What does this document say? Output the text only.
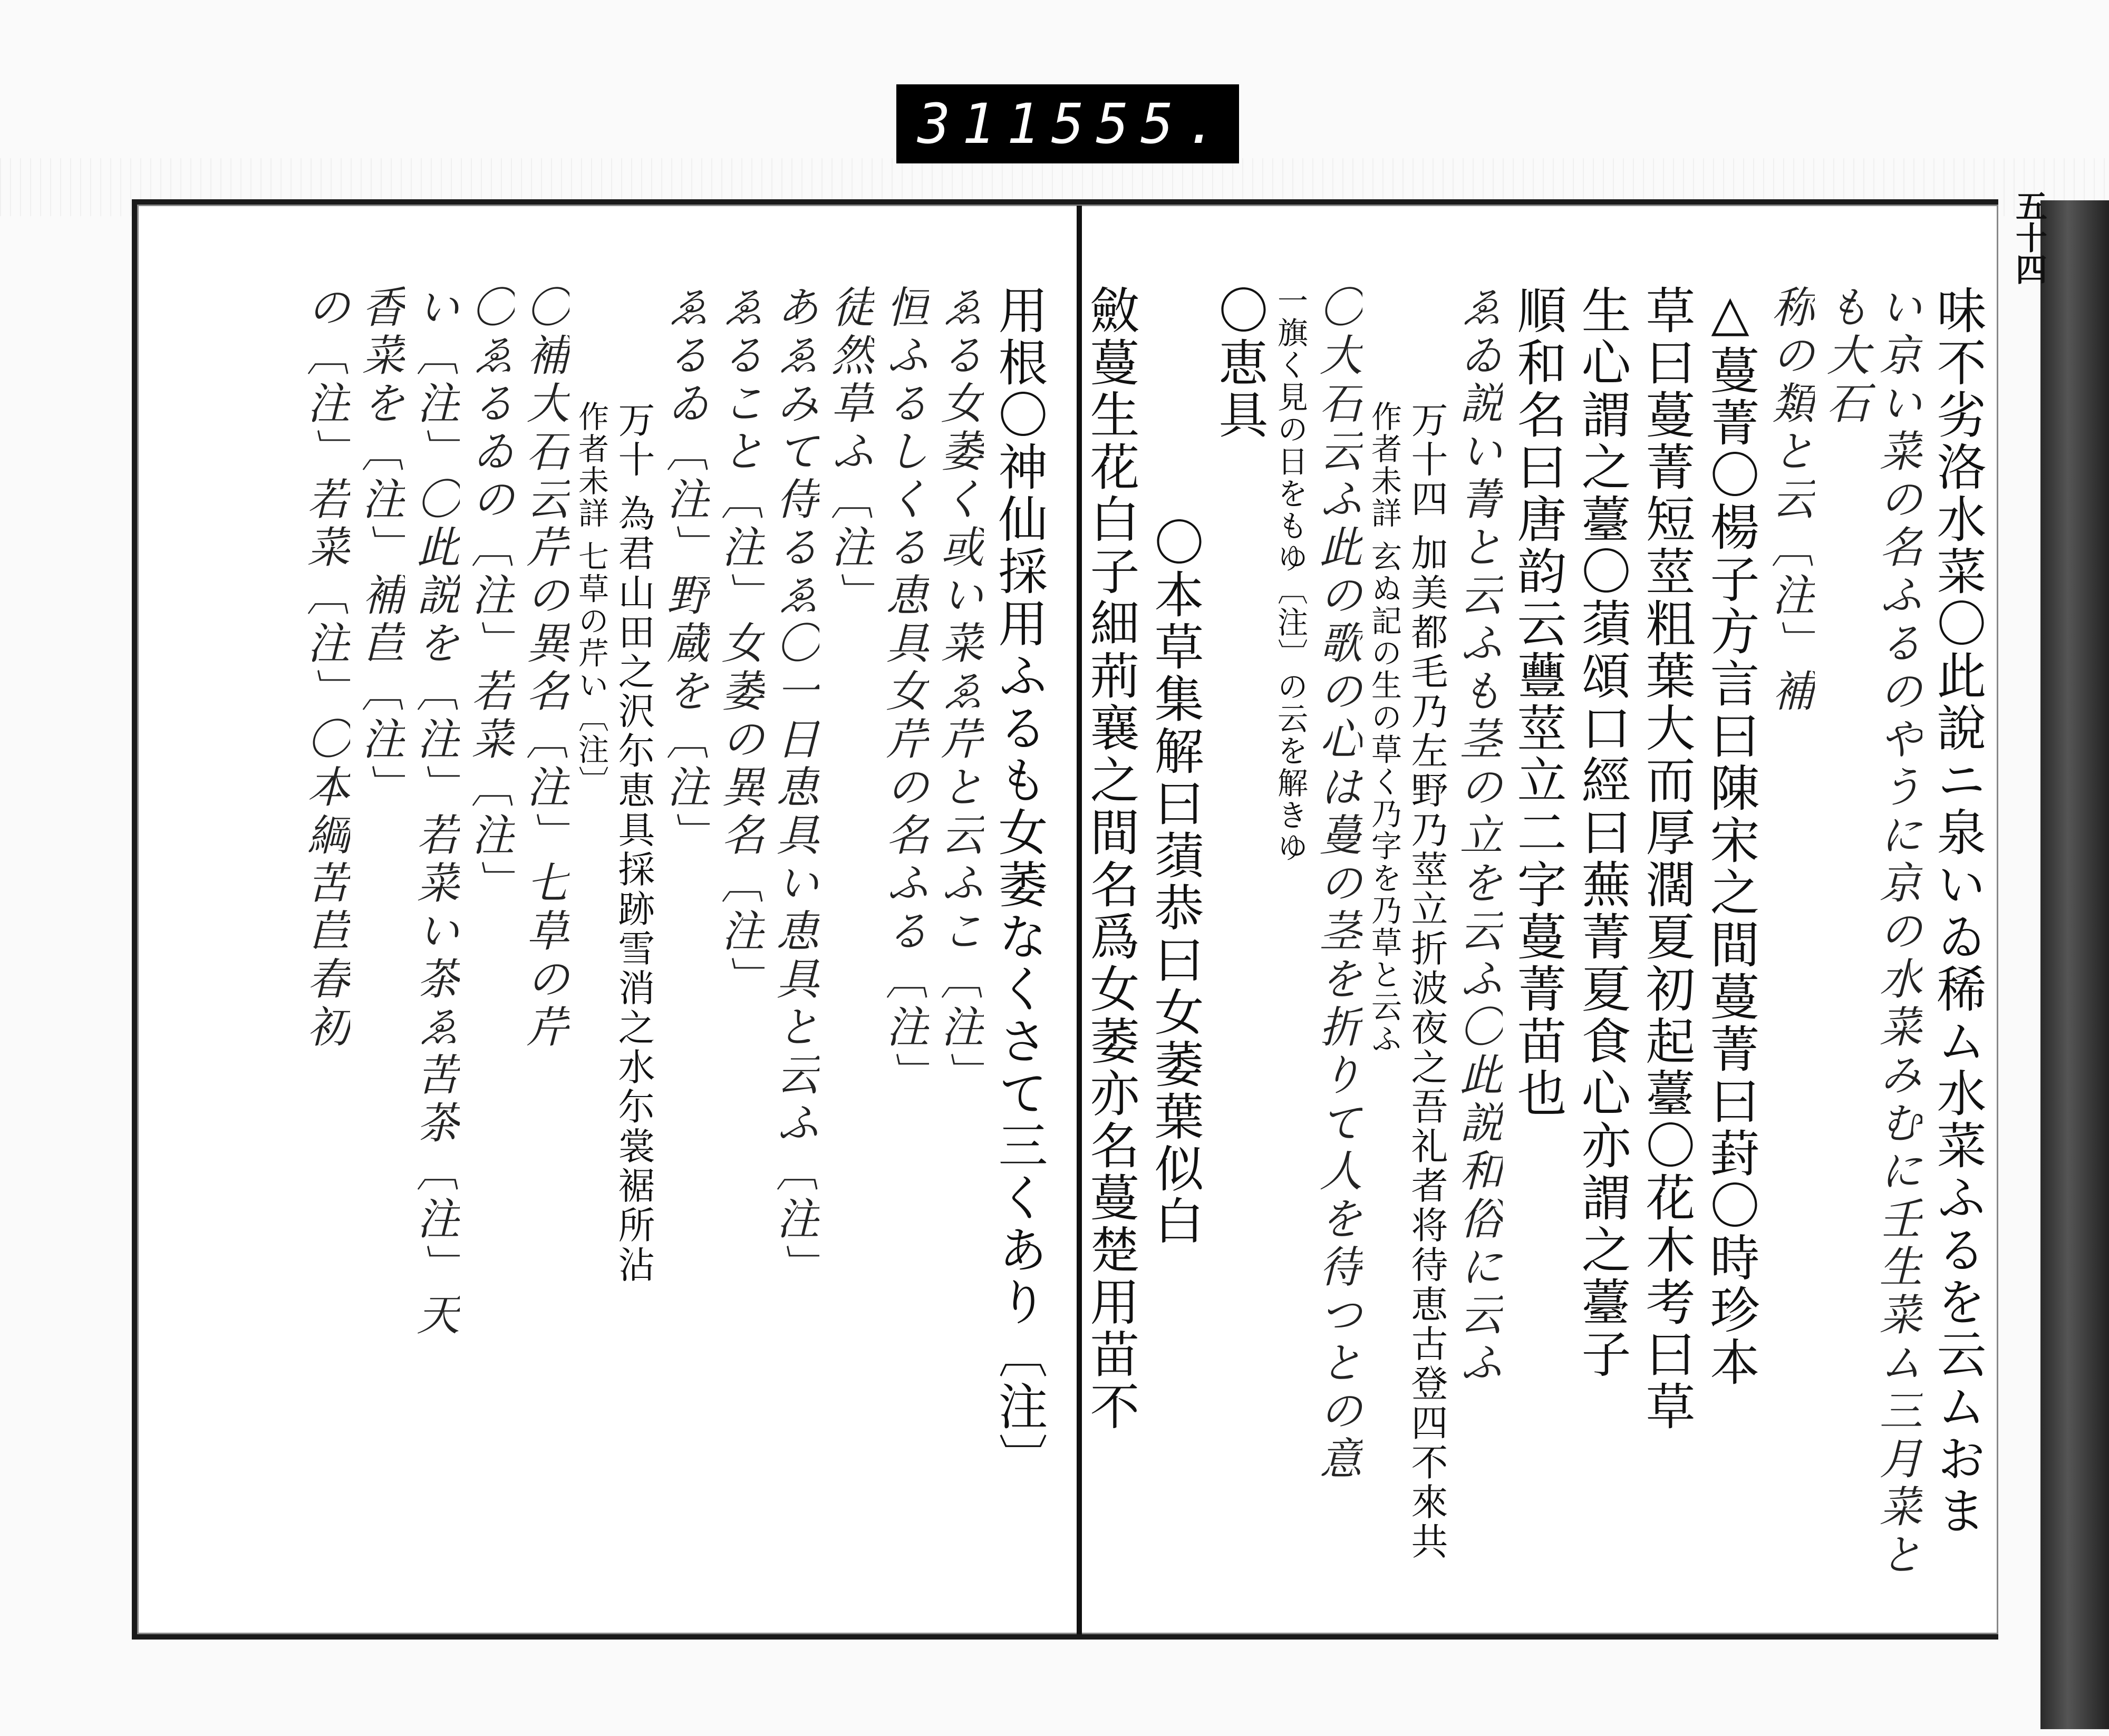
311 555.
五十四
味不劣洛水菜〇此說ニ泉いゐ稀ム水菜ふるを云ムおま
い京い菜の名ふるのやうに京の水菜みむに壬生菜ム三月菜とも大石
称の類と云〔注〕補
△蔓菁〇楊子方言曰陳宋之間蔓菁曰葑〇時珍本
草曰蔓菁短莖粗葉大而厚濶夏初起薹〇花木考曰草
生心謂之薹〇蕦頌口經曰蕪菁夏食心亦謂之薹子
順和名曰唐韵云蘴莖立二字蔓菁苗也
ゑゐ説い菁と云ふも茎の立を云ふ〇此説和俗に云ふ
万十四 加美都毛乃左野乃莖立折波夜之吾礼者将待恵古登四不來共
作者未詳 玄ぬ記の生の草く乃字を乃草と云ふ
〇大石云ふ此の歌の心は蔓の茎を折りて人を待つとの意
一旗く見の日をもゆ〔注〕の云を解きゆ
〇恵具
〇本草集解曰蕦恭曰女萎葉似白
斂蔓生花白子細荊襄之間名爲女萎亦名蔓楚用苗不
用根〇神仙採用ふるも女萎なくさて三くあり〔注〕
ゑる女萎く或い菜ゑ芹と云ふこ〔注〕
恒ふるしくる恵具女芹の名ふる〔注〕
徒然草ふ〔注〕
あゑみて侍るゑ〇一日恵具い恵具と云ふ〔注〕
ゑること〔注〕女萎の異名〔注〕
ゑるゐ〔注〕野蔵を〔注〕
万十 為君山田之沢尓恵具採跡雪消之水尓裳裾所沾
作者未詳 七草の芹い〔注〕
〇補大石云芹の異名〔注〕七草の芹
〇ゑるゐの〔注〕若菜〔注〕
い〔注〕〇此説を〔注〕若菜い茶ゑ苦茶〔注〕天
香菜を〔注〕補苣〔注〕
の〔注〕若菜〔注〕〇本綱苦苣春初
